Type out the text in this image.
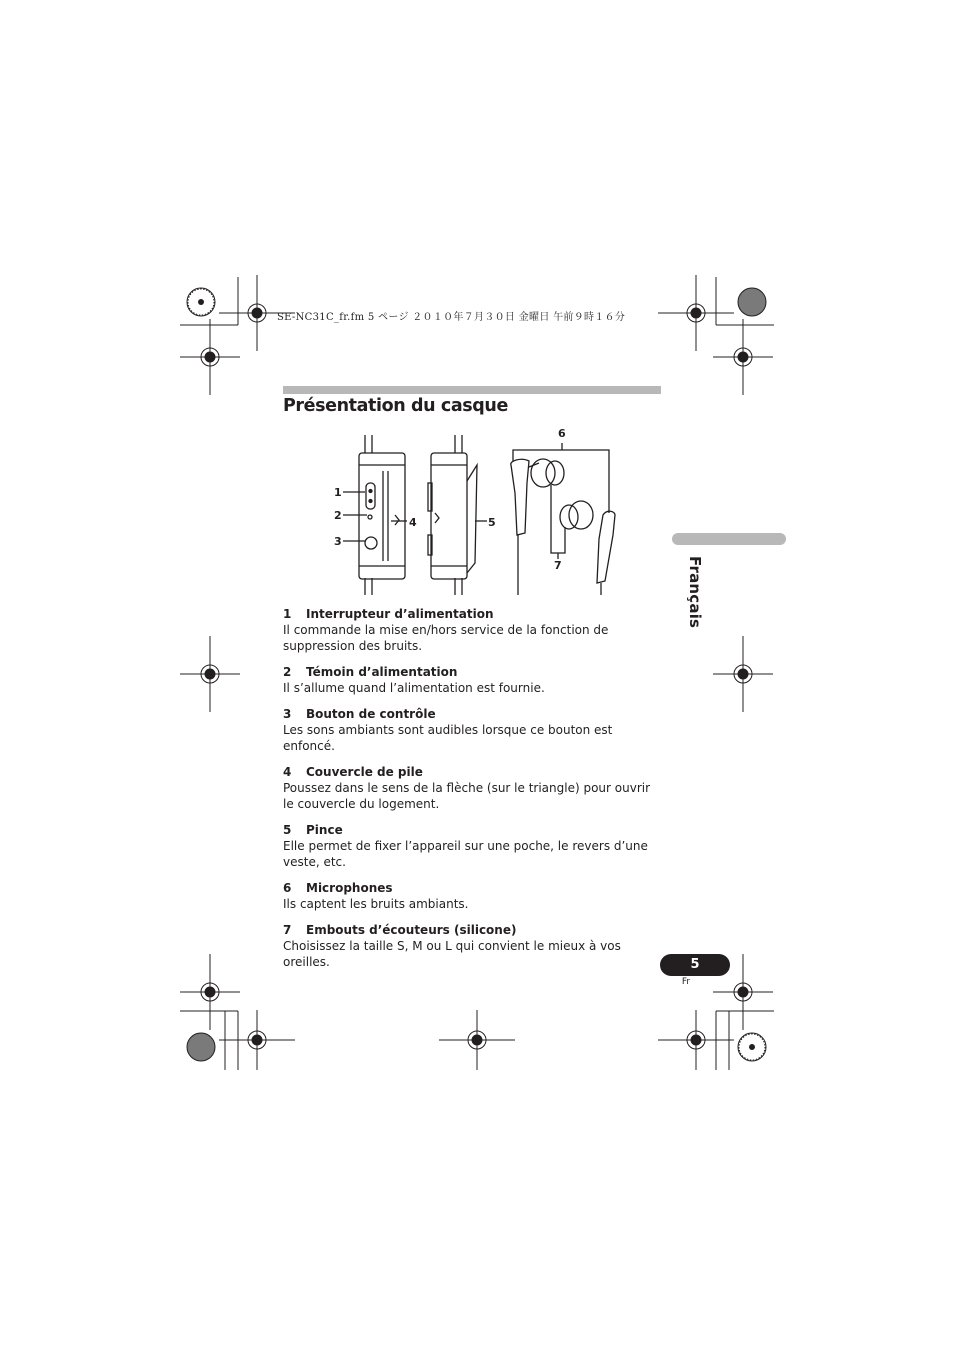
SE-NC31C_fr.fm 5 ページ ２０１０年７月３０日 金曜日 午前９時１６分
Présentation du casque
1
2
3
4	5
6
7
1 Interrupteur d’alimentation
Il commande la mise en/hors service de la fonction de suppression des bruits.
2 Témoin d’alimentation
Il s’allume quand l’alimentation est fournie.
3 Bouton de contrôle
Les sons ambiants sont audibles lorsque ce bouton est enfoncé.
4 Couvercle de pile
Poussez dans le sens de la flèche (sur le triangle) pour ouvrir le couvercle du logement.
5 Pince
Elle permet de fixer l’appareil sur une poche, le revers d’une veste, etc.
6 Microphones
Ils captent les bruits ambiants.
7 Embouts d’écouteurs (silicone)
Choisissez la taille S, M ou L qui convient le mieux à vos oreilles.
Français
5
Fr
